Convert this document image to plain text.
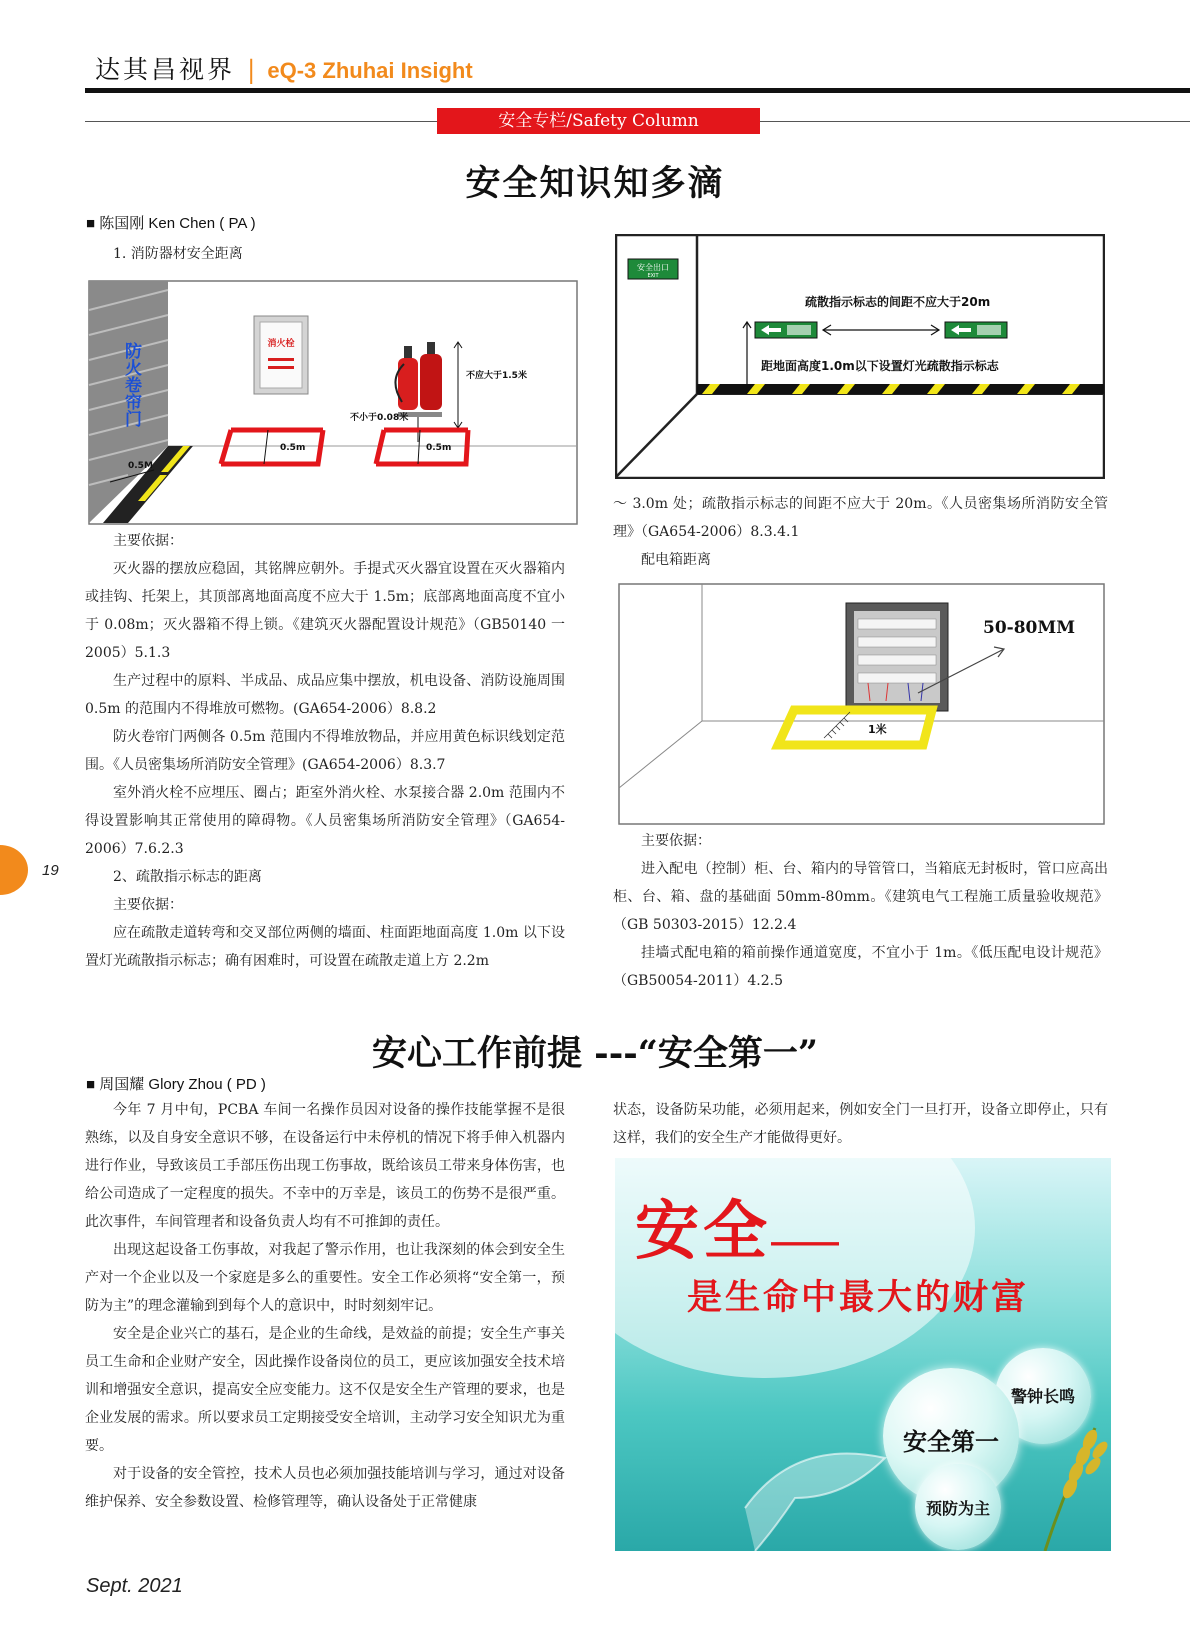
达其昌视界 | eQ-3 Zhuhai Insight
安全专栏/Safety Column
安全知识知多滴
■ 陈国刚 Ken Chen ( PA )
1. 消防器材安全距离
防火卷帘门
0.5M
消火栓
不应大于1.5米
不小于0.08米
0.5m	0.5m

主要依据：

灭火器的摆放应稳固，其铭牌应朝外。手提式灭火器宜设置在灭火器箱内或挂钩、托架上，其顶部离地面高度不应大于 1.5m；底部离地面高度不宜小于 0.08m；灭火器箱不得上锁。《建筑灭火器配置设计规范》（GB50140 一 2005）5.1.3

生产过程中的原料、半成品、成品应集中摆放，机电设备、消防设施周围 0.5m 的范围内不得堆放可燃物。(GA654-2006）8.8.2

防火卷帘门两侧各 0.5m 范围内不得堆放物品，并应用黄色标识线划定范围。《人员密集场所消防安全管理》(GA654-2006）8.3.7

室外消火栓不应埋压、圈占；距室外消火栓、水泵接合器 2.0m 范围内不得设置影响其正常使用的障碍物。《人员密集场所消防安全管理》（GA654-2006）7.6.2.3

2、疏散指示标志的距离

主要依据：

应在疏散走道转弯和交叉部位两侧的墙面、柱面距地面高度 1.0m 以下设置灯光疏散指示标志；确有困难时，可设置在疏散走道上方 2.2m

安全出口
EXIT
疏散指示标志的间距不应大于20m
距地面高度1.0m以下设置灯光疏散指示标志

～ 3.0m 处；疏散指示标志的间距不应大于 20m。《人员密集场所消防安全管理》（GA654-2006）8.3.4.1

配电箱距离

50-80MM
1米

主要依据：

进入配电（控制）柜、台、箱内的导管管口，当箱底无封板时，管口应高出柜、台、箱、盘的基础面 50mm-80mm。《建筑电气工程施工质量验收规范》（GB 50303-2015）12.2.4

挂墙式配电箱的箱前操作通道宽度，不宜小于 1m。《低压配电设计规范》（GB50054-2011）4.2.5

安心工作前提 ---“安全第一”
■ 周国耀 Glory Zhou ( PD )

今年 7 月中旬，PCBA 车间一名操作员因对设备的操作技能掌握不是很熟练，以及自身安全意识不够，在设备运行中未停机的情况下将手伸入机器内进行作业，导致该员工手部压伤出现工伤事故，既给该员工带来身体伤害，也给公司造成了一定程度的损失。不幸中的万幸是，该员工的伤势不是很严重。此次事件，车间管理者和设备负责人均有不可推卸的责任。

出现这起设备工伤事故，对我起了警示作用，也让我深刻的体会到安全生产对一个企业以及一个家庭是多么的重要性。安全工作必须将“安全第一，预防为主”的理念灌输到到每个人的意识中，时时刻刻牢记。

安全是企业兴亡的基石，是企业的生命线，是效益的前提；安全生产事关员工生命和企业财产安全，因此操作设备岗位的员工，更应该加强安全技术培训和增强安全意识，提高安全应变能力。这不仅是安全生产管理的要求，也是企业发展的需求。所以要求员工定期接受安全培训，主动学习安全知识尤为重要。

对于设备的安全管控，技术人员也必须加强技能培训与学习，通过对设备维护保养、安全参数设置、检修管理等，确认设备处于正常健康

状态，设备防呆功能，必须用起来，例如安全门一旦打开，设备立即停止，只有这样，我们的安全生产才能做得更好。

安全——
是生命中最大的财富
警钟长鸣
安全第一
预防为主
19
Sept. 2021
